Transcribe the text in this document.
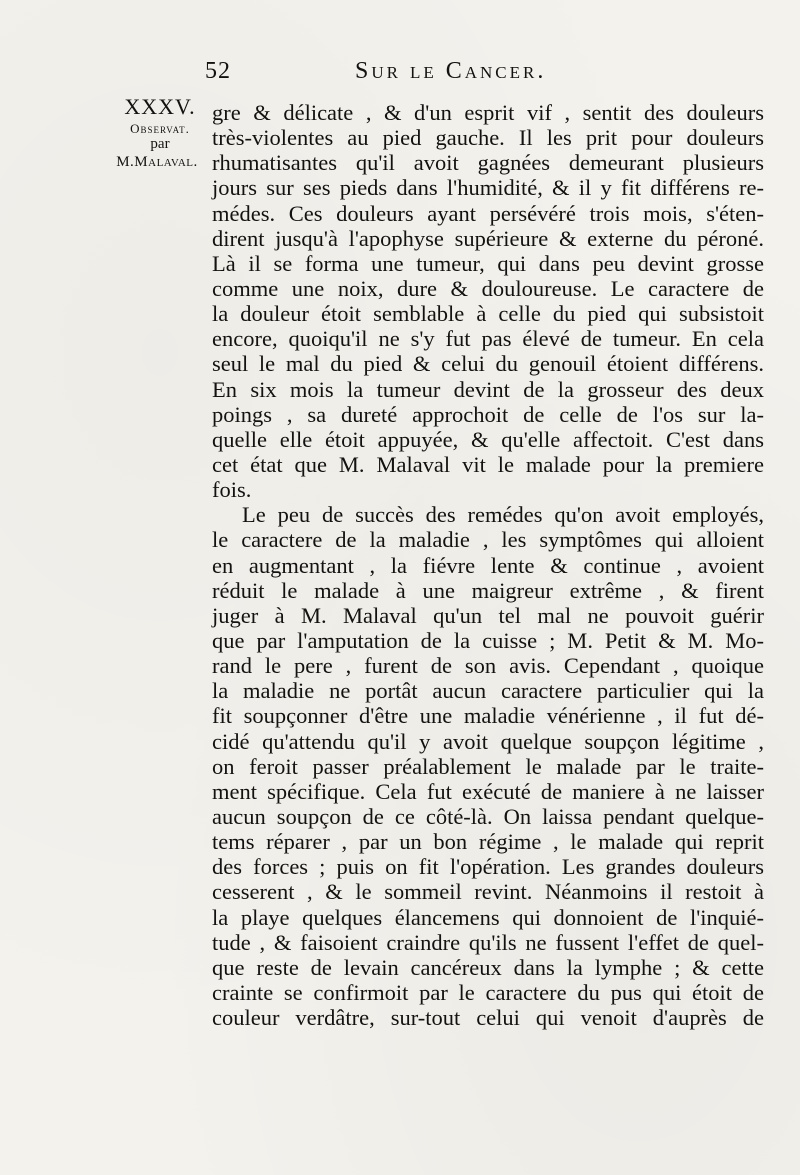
52	Sur le Cancer.
XXXV.
Observat.
par
M.Malaval.
gre & délicate , & d'un esprit vif , sentit des douleurs
très-violentes au pied gauche. Il les prit pour douleurs
rhumatisantes qu'il avoit gagnées demeurant plusieurs
jours sur ses pieds dans l'humidité, & il y fit différens re-
médes. Ces douleurs ayant persévéré trois mois, s'éten-
dirent jusqu'à l'apophyse supérieure & externe du péroné.
Là il se forma une tumeur, qui dans peu devint grosse
comme une noix, dure & douloureuse. Le caractere de
la douleur étoit semblable à celle du pied qui subsistoit
encore, quoiqu'il ne s'y fut pas élevé de tumeur. En cela
seul le mal du pied & celui du genouil étoient différens.
En six mois la tumeur devint de la grosseur des deux
poings , sa dureté approchoit de celle de l'os sur la-
quelle elle étoit appuyée, & qu'elle affectoit. C'est dans
cet état que M. Malaval vit le malade pour la premiere
fois.
Le peu de succès des remédes qu'on avoit employés,
le caractere de la maladie , les symptômes qui alloient
en augmentant , la fiévre lente & continue , avoient
réduit le malade à une maigreur extrême , & firent
juger à M. Malaval qu'un tel mal ne pouvoit guérir
que par l'amputation de la cuisse ; M. Petit & M. Mo-
rand le pere , furent de son avis. Cependant , quoique
la maladie ne portât aucun caractere particulier qui la
fit soupçonner d'être une maladie vénérienne , il fut dé-
cidé qu'attendu qu'il y avoit quelque soupçon légitime ,
on feroit passer préalablement le malade par le traite-
ment spécifique. Cela fut exécuté de maniere à ne laisser
aucun soupçon de ce côté-là. On laissa pendant quelque-
tems réparer , par un bon régime , le malade qui reprit
des forces ; puis on fit l'opération. Les grandes douleurs
cesserent , & le sommeil revint. Néanmoins il restoit à
la playe quelques élancemens qui donnoient de l'inquié-
tude , & faisoient craindre qu'ils ne fussent l'effet de quel-
que reste de levain cancéreux dans la lymphe ; & cette
crainte se confirmoit par le caractere du pus qui étoit de
couleur verdâtre, sur-tout celui qui venoit d'auprès de
